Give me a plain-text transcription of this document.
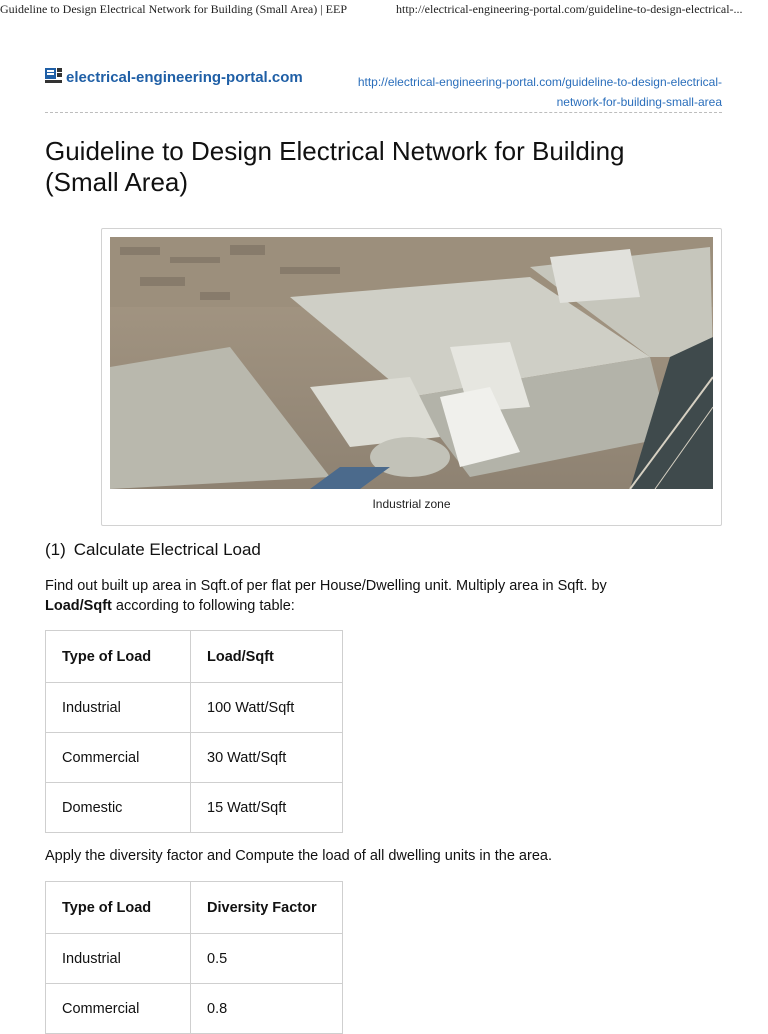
Guideline to Design Electrical Network for Building (Small Area) | EEP	http://electrical-engineering-portal.com/guideline-to-design-electrical-...
electrical-engineering-portal.com	http://electrical-engineering-portal.com/guideline-to-design-electrical-
network-for-building-small-area
Guideline to Design Electrical Network for Building
(Small Area)
Industrial zone
(1) Calculate Electrical Load

Find out built up area in Sqft.of per flat per House/Dwelling unit. Multiply area in Sqft. by
Load/Sqft according to following table:

Type of Load	Load/Sqft
Industrial	100 Watt/Sqft
Commercial	30 Watt/Sqft
Domestic	15 Watt/Sqft

Apply the diversity factor and Compute the load of all dwelling units in the area.

Type of Load	Diversity Factor
Industrial	0.5
Commercial	0.8
